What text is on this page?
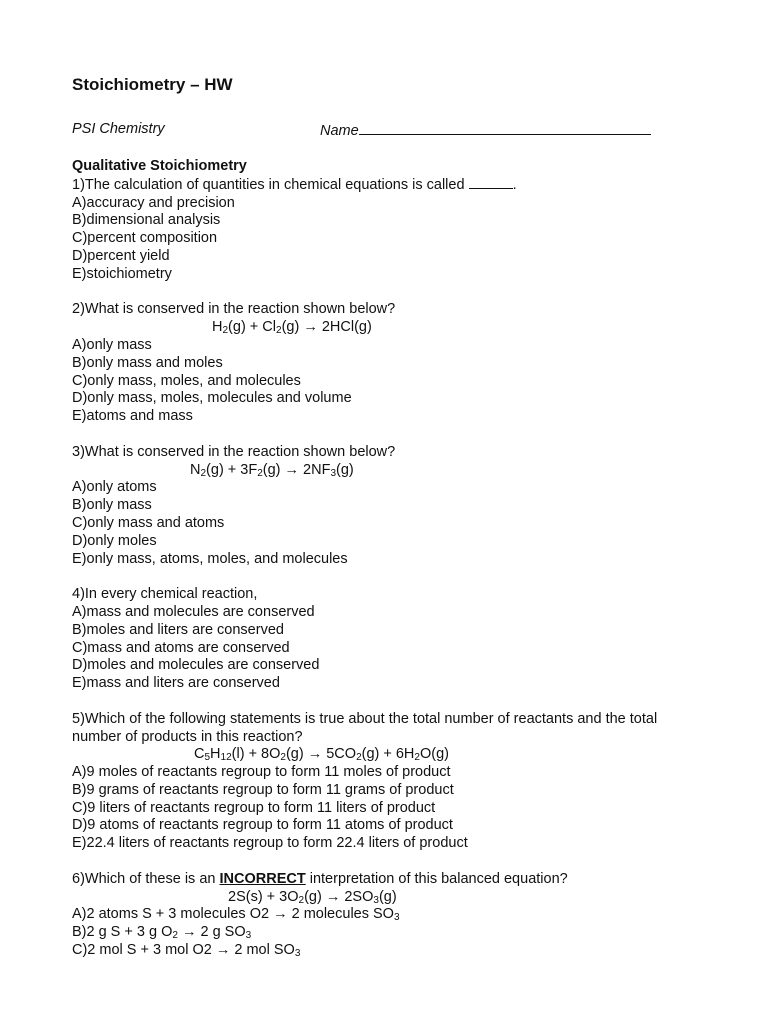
Stoichiometry – HW
PSI Chemistry	Name
Qualitative Stoichiometry
1)The calculation of quantities in chemical equations is called	.
A)accuracy and precision
B)dimensional analysis
C)percent composition
D)percent yield
E)stoichiometry
2)What is conserved in the reaction shown below?
$H_2(g) + Cl_2(g) \to 2HCl(g)$
A)only mass
B)only mass and moles
C)only mass, moles, and molecules
D)only mass, moles, molecules and volume
E)atoms and mass
3)What is conserved in the reaction shown below?
$N_2(g) + 3F_2(g) \to 2NF_3(g)$
A)only atoms
B)only mass
C)only mass and atoms
D)only moles
E)only mass, atoms, moles, and molecules
4)In every chemical reaction,
A)mass and molecules are conserved
B)moles and liters are conserved
C)mass and atoms are conserved
D)moles and molecules are conserved
E)mass and liters are conserved
5)Which of the following statements is true about the total number of reactants and the total
number of products in this reaction?
$C_5H_{12}(l) + 8O_2(g) \to 5CO_2(g) + 6H_2O(g)$
A)9 moles of reactants regroup to form 11 moles of product
B)9 grams of reactants regroup to form 11 grams of product
C)9 liters of reactants regroup to form 11 liters of product
D)9 atoms of reactants regroup to form 11 atoms of product
E)22.4 liters of reactants regroup to form 22.4 liters of product
6)Which of these is an INCORRECT interpretation of this balanced equation?
$2S(s) + 3O_2(g) \to 2SO_3(g)$
A)2 atoms S + 3 molecules O2 → 2 molecules $SO_3$
B)2 g S + 3 g $O_2 \to 2$ g $SO_3$
C)2 mol S + 3 mol O2 → 2 mol $SO_3$
